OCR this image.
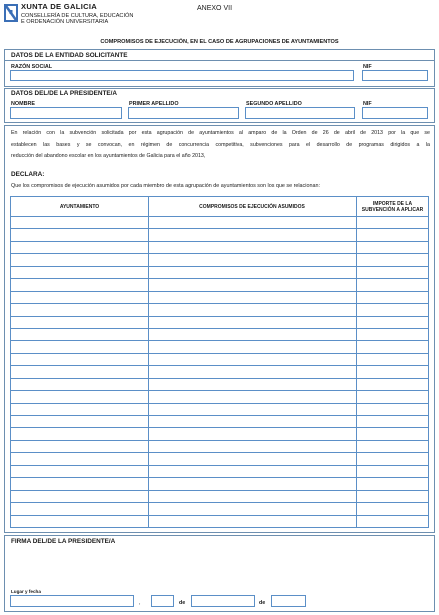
XUNTA DE GALICIA
CONSELLERÍA DE CULTURA, EDUCACIÓN
E ORDENACIÓN UNIVERSITARIA
ANEXO VII
COMPROMISOS DE EJECUCIÓN, EN EL CASO DE AGRUPACIONES DE AYUNTAMIENTOS
DATOS DE LA ENTIDAD SOLICITANTE
RAZÓN SOCIAL	NIF
DATOS DEL/DE LA PRESIDENTE/A
NOMBRE	PRIMER APELLIDO	SEGUNDO APELLIDO	NIF
En relación con la subvención solicitada por esta agrupación de ayuntamientos al amparo de la Orden de 26 de abril de 2013 por la que se
establecen las bases y se convocan, en régimen de concurrencia competitiva, subvenciones para el desarrollo de programas dirigidos a la
reducción del abandono escolar en los ayuntamientos de Galicia para el año 2013,
DECLARA:
Que los compromisos de ejecución asumidos por cada miembro de esta agrupación de ayuntamientos son los que se relacionan:
AYUNTAMIENTO	COMPROMISOS DE EJECUCIÓN ASUMIDOS	IMPORTE DE LA
SUBVENCIÓN A APLICAR
FIRMA DEL/DE LA PRESIDENTE/A
Lugar y fecha
,	de	de
